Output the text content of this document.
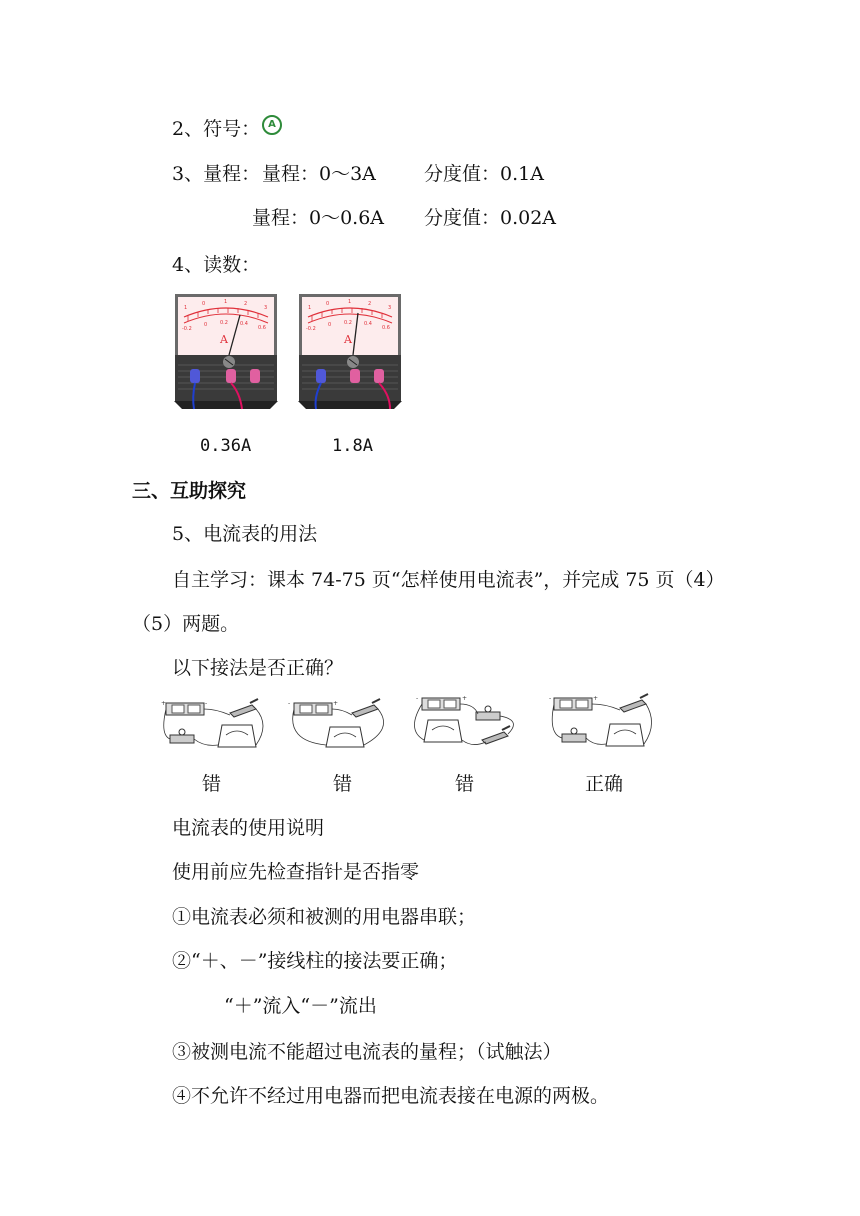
2、符号： A
3、量程： 量程：0～3A	分度值：0.1A
量程：0～0.6A 分度值：0.02A
4、读数：
1
0	1	2
3
-0.2
0	0.2 0.4
0.6
A
1
0	1	2
3
-0.2
0	0.2 0.4
0.6
A
0.36A	1.8A
三、互助探究
5、电流表的用法
自主学习：课本 74-75 页“怎样使用电流表”，并完成 75 页（4）
（5）两题。
以下接法是否正确？
+	-	-	+
-	+	-	+
错	错	错	正确
电流表的使用说明
使用前应先检查指针是否指零
①电流表必须和被测的用电器串联；
②“＋、－”接线柱的接法要正确；
“＋”流入“－”流出
③被测电流不能超过电流表的量程；（试触法）
④不允许不经过用电器而把电流表接在电源的两极。
